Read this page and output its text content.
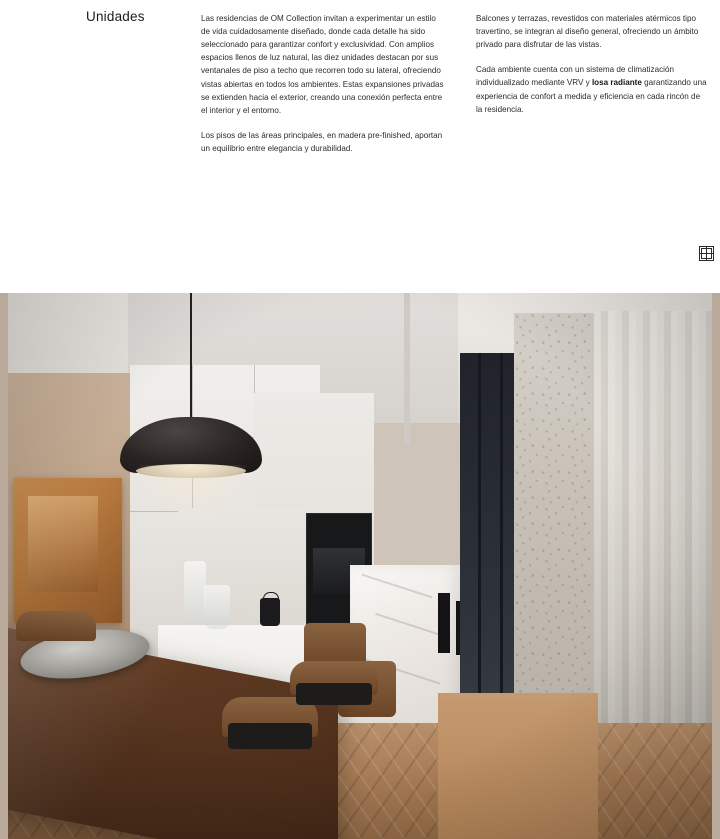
Unidades	Las residencias de OM Collection invitan a experimentar un estilo de vida cuidadosamente diseñado, donde cada detalle ha sido seleccionado para garantizar confort y exclusividad. Con amplios espacios llenos de luz natural, las diez unidades destacan por sus ventanales de piso a techo que recorren todo su lateral, ofreciendo vistas abiertas en todos los ambientes. Estas expansiones privadas se extienden hacia el exterior, creando una conexión perfecta entre el interior y el entorno.

Los pisos de las áreas principales, en madera pre-finished, aportan un equilibrio entre elegancia y durabilidad.

Balcones y terrazas, revestidos con materiales atérmicos tipo travertino, se integran al diseño general, ofreciendo un ámbito privado para disfrutar de las vistas.

Cada ambiente cuenta con un sistema de climatización individualizado mediante VRV y losa radiante garantizando una experiencia de confort a medida y eficiencia en cada rincón de la residencia.
